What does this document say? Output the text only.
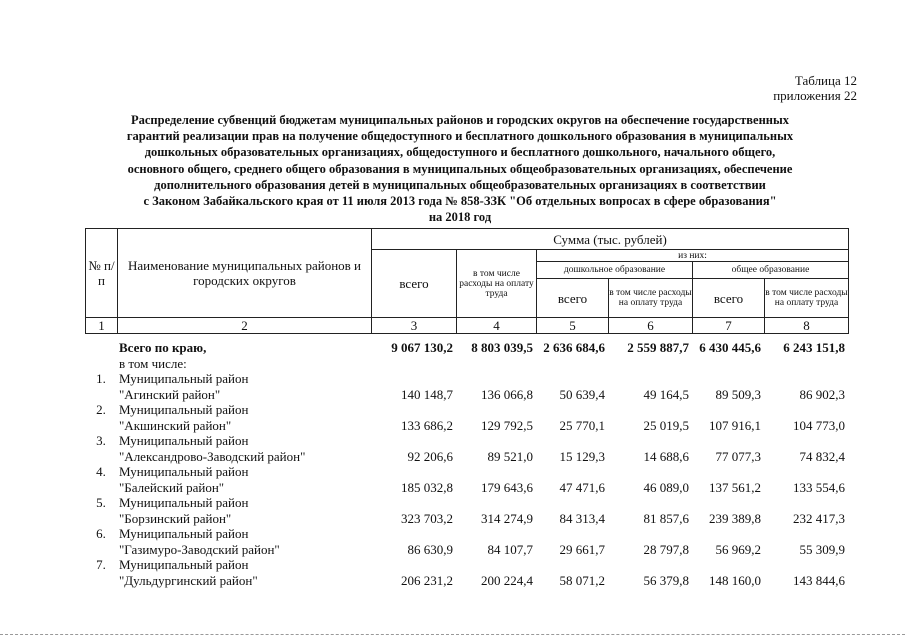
Таблица 12
приложения 22
Распределение субвенций бюджетам муниципальных районов и городских округов на обеспечение государственных
гарантий реализации прав на получение общедоступного и бесплатного дошкольного образования в муниципальных
дошкольных образовательных организациях, общедоступного и бесплатного дошкольного, начального общего,
основного общего, среднего общего образования в муниципальных общеобразовательных организациях, обеспечение
дополнительного образования детей в муниципальных общеобразовательных организациях в соответствии
с Законом Забайкальского края от 11 июля 2013 года № 858-ЗЗК "Об отдельных вопросах в сфере образования"
на 2018 год
№ п/п	Наименование муниципальных районов и городских округов	Сумма (тыс. рублей)					
		всего	в том числе расходы на оплату труда	из них:			
				дошкольное образование		общее образование	
				всего	в том числе расходы на оплату труда	всего	в том числе расходы на оплату труда
1	2	3	4	5	6	7	8
	Всего по краю,	9 067 130,2	8 803 039,5	2 636 684,6	2 559 887,7	6 430 445,6	6 243 151,8
	в том числе:						
1.	Муниципальный район						
	"Агинский район"	140 148,7	136 066,8	50 639,4	49 164,5	89 509,3	86 902,3
2.	Муниципальный район						
	"Акшинский район"	133 686,2	129 792,5	25 770,1	25 019,5	107 916,1	104 773,0
3.	Муниципальный район						
	"Александрово-Заводский район"	92 206,6	89 521,0	15 129,3	14 688,6	77 077,3	74 832,4
4.	Муниципальный район						
	"Балейский район"	185 032,8	179 643,6	47 471,6	46 089,0	137 561,2	133 554,6
5.	Муниципальный район						
	"Борзинский район"	323 703,2	314 274,9	84 313,4	81 857,6	239 389,8	232 417,3
6.	Муниципальный район						
	"Газимуро-Заводский район"	86 630,9	84 107,7	29 661,7	28 797,8	56 969,2	55 309,9
7.	Муниципальный район						
	"Дульдургинский район"	206 231,2	200 224,4	58 071,2	56 379,8	148 160,0	143 844,6
